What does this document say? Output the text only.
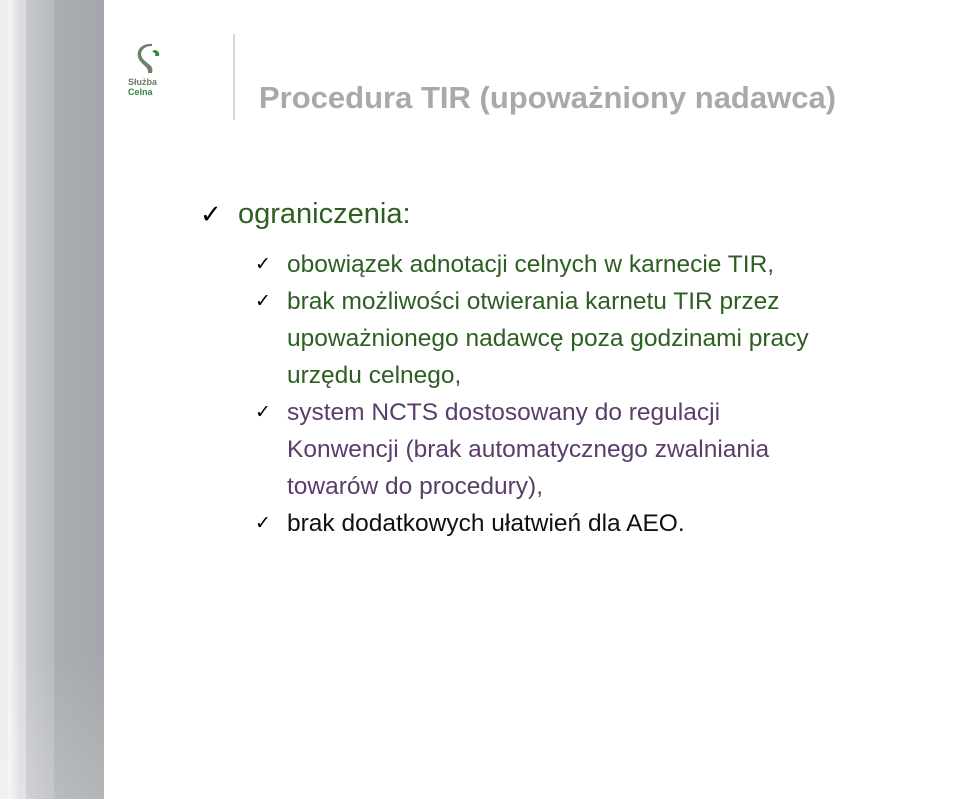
Służba
Celna	Procedura TIR (upoważniony nadawca)
✓ ograniczenia:
✓ obowiązek adnotacji celnych w karnecie TIR,
✓ brak możliwości otwierania karnetu TIR przez
upoważnionego nadawcę poza godzinami pracy
urzędu celnego,
✓ system NCTS dostosowany do regulacji
Konwencji (brak automatycznego zwalniania
towarów do procedury),
✓ brak dodatkowych ułatwień dla AEO.
